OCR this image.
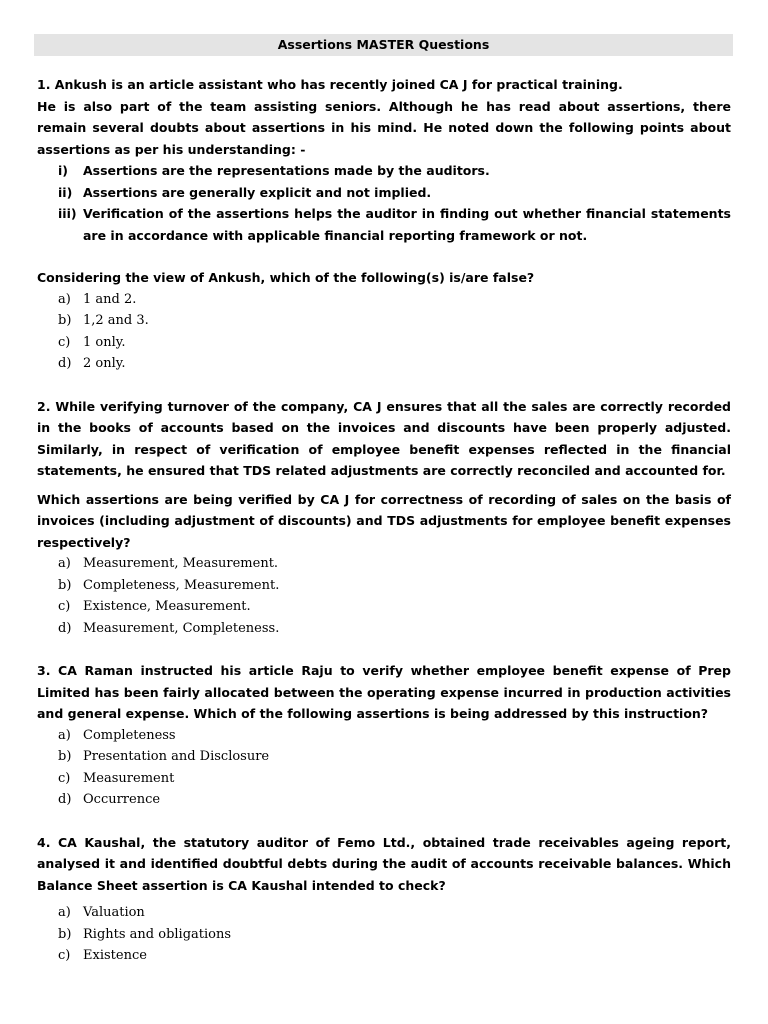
Assertions MASTER Questions

1. Ankush is an article assistant who has recently joined CA J for practical training.

He is also part of the team assisting seniors. Although he has read about assertions, there remain several doubts about assertions in his mind. He noted down the following points about assertions as per his understanding: -

i)	Assertions are the representations made by the auditors.
ii) Assertions are generally explicit and not implied.
iii) Verification of the assertions helps the auditor in finding out whether financial statements are in accordance with applicable financial reporting framework or not.

Considering the view of Ankush, which of the following(s) is/are false?

a) 1 and 2.
b) 1,2 and 3.
c) 1 only.
d) 2 only.

2. While verifying turnover of the company, CA J ensures that all the sales are correctly recorded in the books of accounts based on the invoices and discounts have been properly adjusted. Similarly, in respect of verification of employee benefit expenses reflected in the financial statements, he ensured that TDS related adjustments are correctly reconciled and accounted for.

Which assertions are being verified by CA J for correctness of recording of sales on the basis of invoices (including adjustment of discounts) and TDS adjustments for employee benefit expenses respectively?

a) Measurement, Measurement.
b) Completeness, Measurement.
c) Existence, Measurement.
d) Measurement, Completeness.

3. CA Raman instructed his article Raju to verify whether employee benefit expense of Prep Limited has been fairly allocated between the operating expense incurred in production activities and general expense. Which of the following assertions is being addressed by this instruction?

a) Completeness
b) Presentation and Disclosure
c) Measurement
d) Occurrence

4. CA Kaushal, the statutory auditor of Femo Ltd., obtained trade receivables ageing report, analysed it and identified doubtful debts during the audit of accounts receivable balances. Which Balance Sheet assertion is CA Kaushal intended to check?

a) Valuation
b) Rights and obligations
c) Existence
